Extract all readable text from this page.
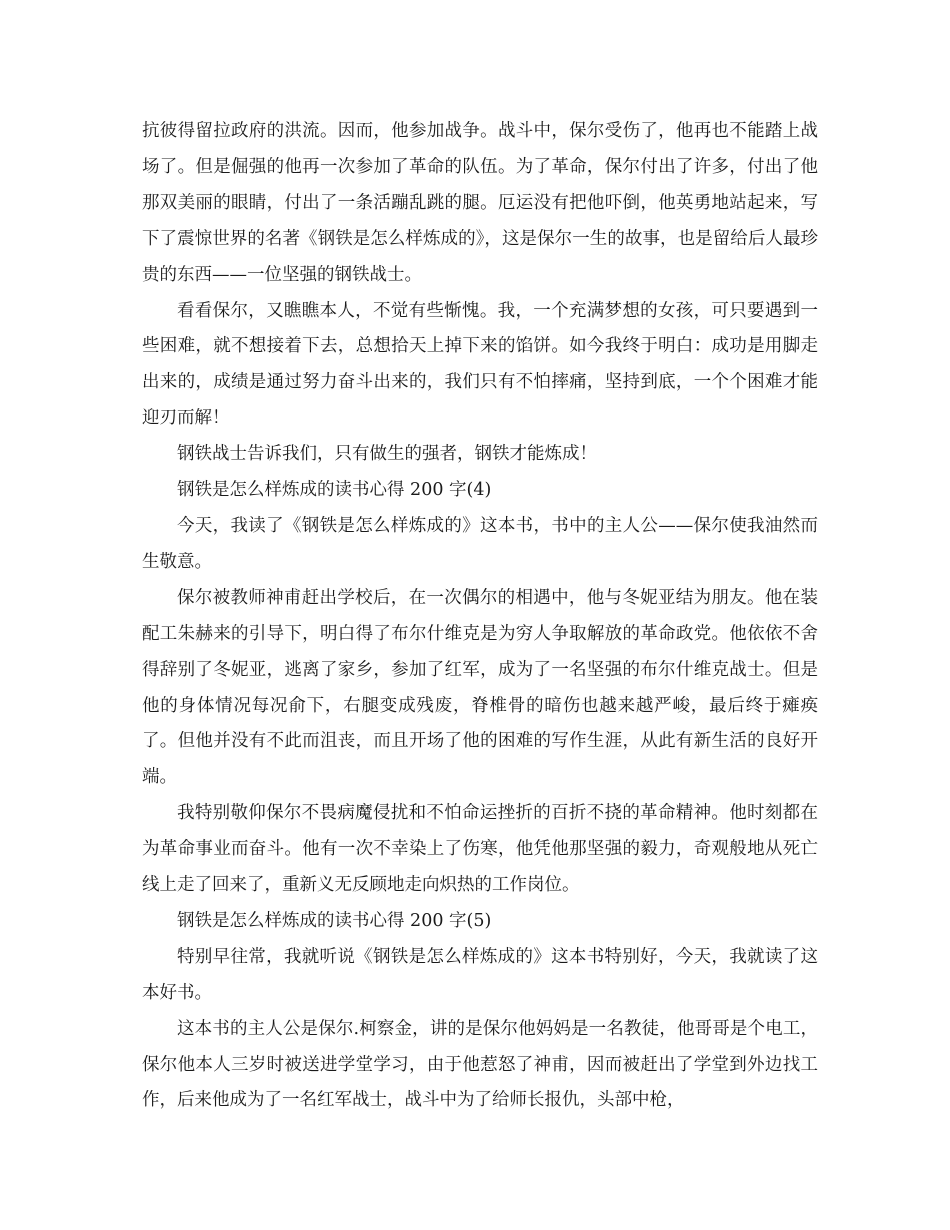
抗彼得留拉政府的洪流。因而，他参加战争。战斗中，保尔受伤了，他再也不能踏上战场了。但是倔强的他再一次参加了革命的队伍。为了革命，保尔付出了许多，付出了他那双美丽的眼睛，付出了一条活蹦乱跳的腿。厄运没有把他吓倒，他英勇地站起来，写下了震惊世界的名著《钢铁是怎么样炼成的》，这是保尔一生的故事，也是留给后人最珍贵的东西——一位坚强的钢铁战士。

看看保尔，又瞧瞧本人，不觉有些惭愧。我，一个充满梦想的女孩，可只要遇到一些困难，就不想接着下去，总想拾天上掉下来的馅饼。如今我终于明白：成功是用脚走出来的，成绩是通过努力奋斗出来的，我们只有不怕摔痛，坚持到底，一个个困难才能迎刃而解！

钢铁战士告诉我们，只有做生的强者，钢铁才能炼成！

钢铁是怎么样炼成的读书心得 200 字(4)

今天，我读了《钢铁是怎么样炼成的》这本书，书中的主人公——保尔使我油然而生敬意。

保尔被教师神甫赶出学校后，在一次偶尔的相遇中，他与冬妮亚结为朋友。他在装配工朱赫来的引导下，明白得了布尔什维克是为穷人争取解放的革命政党。他依依不舍得辞别了冬妮亚，逃离了家乡，参加了红军，成为了一名坚强的布尔什维克战士。但是他的身体情况每况俞下，右腿变成残废，脊椎骨的暗伤也越来越严峻，最后终于瘫痪了。但他并没有不此而沮丧，而且开场了他的困难的写作生涯，从此有新生活的良好开端。

我特别敬仰保尔不畏病魔侵扰和不怕命运挫折的百折不挠的革命精神。他时刻都在为革命事业而奋斗。他有一次不幸染上了伤寒，他凭他那坚强的毅力，奇观般地从死亡线上走了回来了，重新义无反顾地走向炽热的工作岗位。

钢铁是怎么样炼成的读书心得 200 字(5)

特别早往常，我就听说《钢铁是怎么样炼成的》这本书特别好，今天，我就读了这本好书。

这本书的主人公是保尔.柯察金，讲的是保尔他妈妈是一名教徒，他哥哥是个电工，保尔他本人三岁时被送进学堂学习，由于他惹怒了神甫，因而被赶出了学堂到外边找工作，后来他成为了一名红军战士，战斗中为了给师长报仇，头部中枪，
